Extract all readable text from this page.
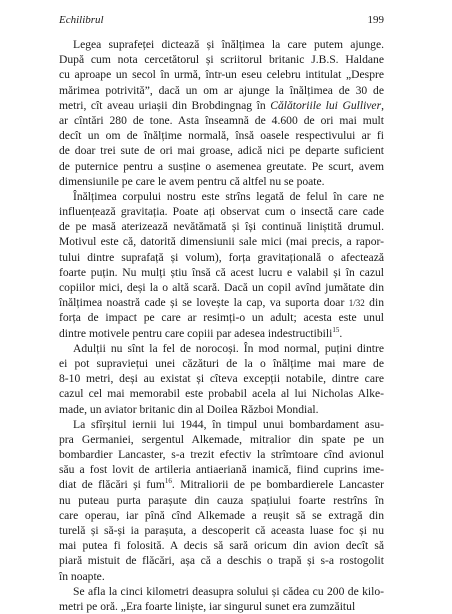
Echilibrul	199
Legea suprafeței dictează și înălțimea la care putem ajunge.
După cum nota cercetătorul și scriitorul britanic J.B.S. Haldane
cu aproape un secol în urmă, într-un eseu celebru intitulat „Despre
mărimea potrivită”, dacă un om ar ajunge la înălțimea de 30 de
metri, cît aveau uriașii din Brobdingnag în Călătoriile lui Gulliver,
ar cîntări 280 de tone. Asta înseamnă de 4.600 de ori mai mult
decît un om de înălțime normală, însă oasele respectivului ar fi
de doar trei sute de ori mai groase, adică nici pe departe suficient
de puternice pentru a susține o asemenea greutate. Pe scurt, avem
dimensiunile pe care le avem pentru că altfel nu se poate.
Înălțimea corpului nostru este strîns legată de felul în care ne
influențează gravitația. Poate ați observat cum o insectă care cade
de pe masă aterizează nevătămată și își continuă liniștită drumul.
Motivul este că, datorită dimensiunii sale mici (mai precis, a rapor-
tului dintre suprafață și volum), forța gravitațională o afectează
foarte puțin. Nu mulți știu însă că acest lucru e valabil și în cazul
copiilor mici, deși la o altă scară. Dacă un copil avînd jumătate din
înălțimea noastră cade și se lovește la cap, va suporta doar 1/32 din
forța de impact pe care ar resimți-o un adult; acesta este unul
dintre motivele pentru care copiii par adesea indestructibili$^{15}$.
Adulții nu sînt la fel de norocoși. În mod normal, puțini dintre
ei pot supraviețui unei căzături de la o înălțime mai mare de
8-10 metri, deși au existat și cîteva excepții notabile, dintre care
cazul cel mai memorabil este probabil acela al lui Nicholas Alke-
made, un aviator britanic din al Doilea Război Mondial.
La sfîrșitul iernii lui 1944, în timpul unui bombardament asu-
pra Germaniei, sergentul Alkemade, mitralior din spate pe un
bombardier Lancaster, s-a trezit efectiv la strîmtoare cînd avionul
său a fost lovit de artileria antiaeriană inamică, fiind cuprins ime-
diat de flăcări și fum$^{16}$. Mitraliorii de pe bombardierele Lancaster
nu puteau purta parașute din cauza spațiului foarte restrîns în
care operau, iar pînă cînd Alkemade a reușit să se extragă din
turelă și să-și ia parașuta, a descoperit că aceasta luase foc și nu
mai putea fi folosită. A decis să sară oricum din avion decît să
piară mistuit de flăcări, așa că a deschis o trapă și s-a rostogolit
în noapte.
Se afla la cinci kilometri deasupra solului și cădea cu 200 de kilo-
metri pe oră. „Era foarte liniște, iar singurul sunet era zumzăitul
